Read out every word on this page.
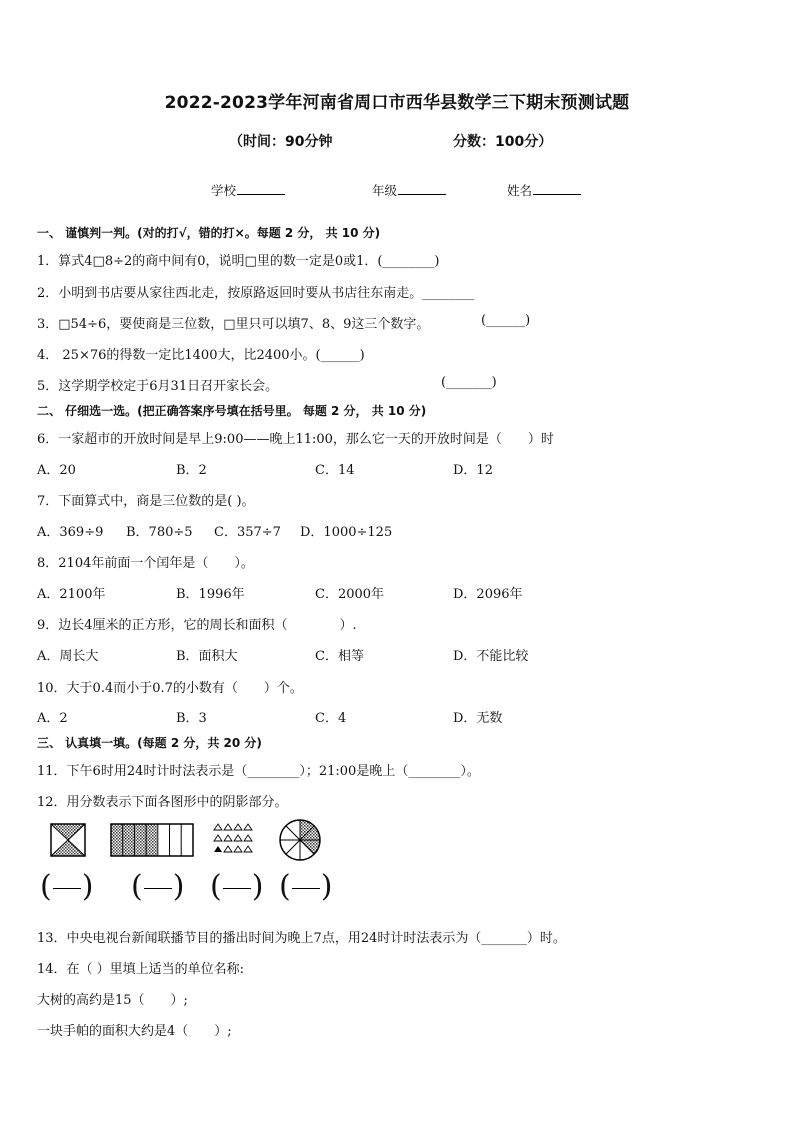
2022-2023学年河南省周口市西华县数学三下期末预测试题
（时间：90分钟	分数：100分）
学校	年级	姓名
一、 谨慎判一判。(对的打√，错的打×。每题 2 分， 共 10 分)
1．算式4□8÷2的商中间有0，说明□里的数一定是0或1．(________)
2．小明到书店要从家往西北走，按原路返回时要从书店往东南走。________
3．□54÷6，要使商是三位数，□里只可以填7、8、9这三个数字。	(______)
4． 25×76的得数一定比1400大，比2400小。(______)
5．这学期学校定于6月31日召开家长会。	(_______)
二、 仔细选一选。(把正确答案序号填在括号里。 每题 2 分， 共 10 分)
6．一家超市的开放时间是早上9:00——晚上11:00，那么它一天的开放时间是（　　）时
A．20	B．2	C．14	D．12
7．下面算式中，商是三位数的是( )。
A．369÷9 B．780÷5 C．357÷7 D．1000÷125
8．2104年前面一个闰年是（　　）。
A．2100年	B．1996年	C．2000年	D．2096年
9．边长4厘米的正方形，它的周长和面积（　　　　）.
A．周长大	B．面积大	C．相等	D．不能比较
10．大于0.4而小于0.7的小数有（　　）个。
A．2	B．3	C．4	D．无数
三、 认真填一填。(每题 2 分，共 20 分)
11．下午6时用24时计时法表示是（________）；21:00是晚上（________）。
12．用分数表示下面各图形中的阴影部分。
( ) ( ) ( ) ( )
13．中央电视台新闻联播节目的播出时间为晚上7点，用24时计时法表示为（_______）时。
14．在（ ）里填上适当的单位名称:
大树的高约是15（　　）;
一块手帕的面积大约是4（　　）;
